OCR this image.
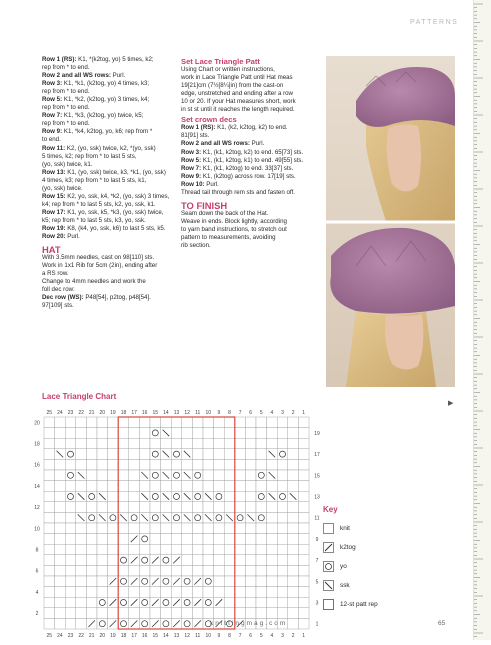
PATTERNS

Row 1 (RS): K1, *(k2tog, yo) 5 times, k2;

rep from * to end.

Row 2 and all WS rows: Purl.

Row 3: K1, *k1, (k2tog, yo) 4 times, k3;

rep from * to end.

Row 5: K1, *k2, (k2tog, yo) 3 times, k4;

rep from * to end.

Row 7: K1, *k3, (k2tog, yo) twice, k5;

rep from * to end.

Row 9: K1, *k4, k2tog, yo, k6; rep from *

to end.

Row 11: K2, (yo, ssk) twice, k2, *(yo, ssk)

5 times, k2; rep from * to last 5 sts,

(yo, ssk) twice, k1.

Row 13: K1, (yo, ssk) twice, k3, *k1, (yo, ssk)

4 times, k3; rep from * to last 5 sts, k1,

(yo, ssk) twice.

Row 15: K2, yo, ssk, k4, *k2, (yo, ssk) 3 times,

k4; rep from * to last 5 sts, k2, yo, ssk, k1.

Row 17: K1, yo, ssk, k5, *k3, (yo, ssk) twice,

k5; rep from * to last 5 sts, k3, yo, ssk.

Row 19: K8, (k4, yo, ssk, k6) to last 5 sts, k5.

Row 20: Purl.

HAT

With 3.5mm needles, cast on 98[110] sts.

Work in 1x1 Rib for 5cm (2in), ending after

a RS row.

Change to 4mm needles and work the

foll dec row:

Dec row (WS): P48[54], p2tog, p48[54].

97[109] sts.

Set Lace Triangle Patt

Using Chart or written instructions,

work in Lace Triangle Patt until Hat meas

19[21]cm (7½[8¼]in) from the cast-on

edge, unstretched and ending after a row

10 or 20. If your Hat measures short, work

in st st until it reaches the length required.

Set crown decs

Row 1 (RS): K1, (k2, k2tog, k2) to end.

81[91] sts.

Row 2 and all WS rows: Purl.

Row 3: K1, (k1, k2tog, k2) to end. 65[73] sts.

Row 5: K1, (k1, k2tog, k1) to end. 49[55] sts.

Row 7: K1, (k1, k2tog) to end. 33[37] sts.

Row 9: K1, (k2tog) across row. 17[19] sts.

Row 10: Purl.

Thread tail through rem sts and fasten off.

TO FINISH

Seam down the back of the Hat.

Weave in ends. Block lightly, according

to yarn band instructions, to stretch out

pattern to measurements, avoiding

rib section.

▶
Lace Triangle Chart
25
25
24
24
23
23
22
22
21
21
20
20
19
19
18
18
17
17
16
16
15
15
14
14
13
13
12
12
11
11
10
10
9
9
8
8
7
7
6
6
5
5
4
4
3
3
2
2
1
1
20
18
16
14
12
10
8
6
4
2
19
17
15
13
11
9
7
5
3
1
Key
knit
k2tog
yo
ssk
12-st patt rep
knittingmag.com	65
